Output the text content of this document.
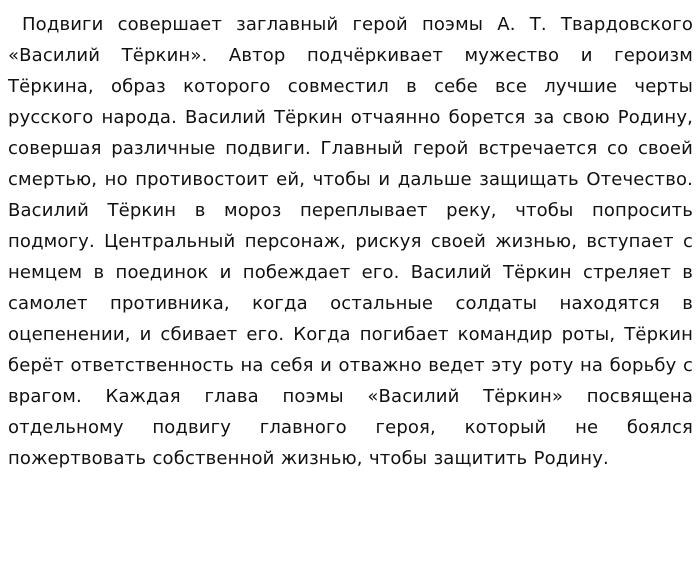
Подвиги совершает заглавный герой поэмы А. Т. Твардовского «Василий Тёркин». Автор подчёркивает мужество и героизм Тёркина, образ которого совместил в себе все лучшие черты русского народа. Василий Тёркин отчаянно борется за свою Родину, совершая различные подвиги. Главный герой встречается со своей смертью, но противостоит ей, чтобы и дальше защищать Отечество. Василий Тёркин в мороз переплывает реку, чтобы попросить подмогу. Центральный персонаж, рискуя своей жизнью, вступает с немцем в поединок и побеждает его. Василий Тёркин стреляет в самолет противника, когда остальные солдаты находятся в оцепенении, и сбивает его. Когда погибает командир роты, Тёркин берёт ответственность на себя и отважно ведет эту роту на борьбу с врагом. Каждая глава поэмы «Василий Тёркин» посвящена отдельному подвигу главного героя, который не боялся пожертвовать собственной жизнью, чтобы защитить Родину.
